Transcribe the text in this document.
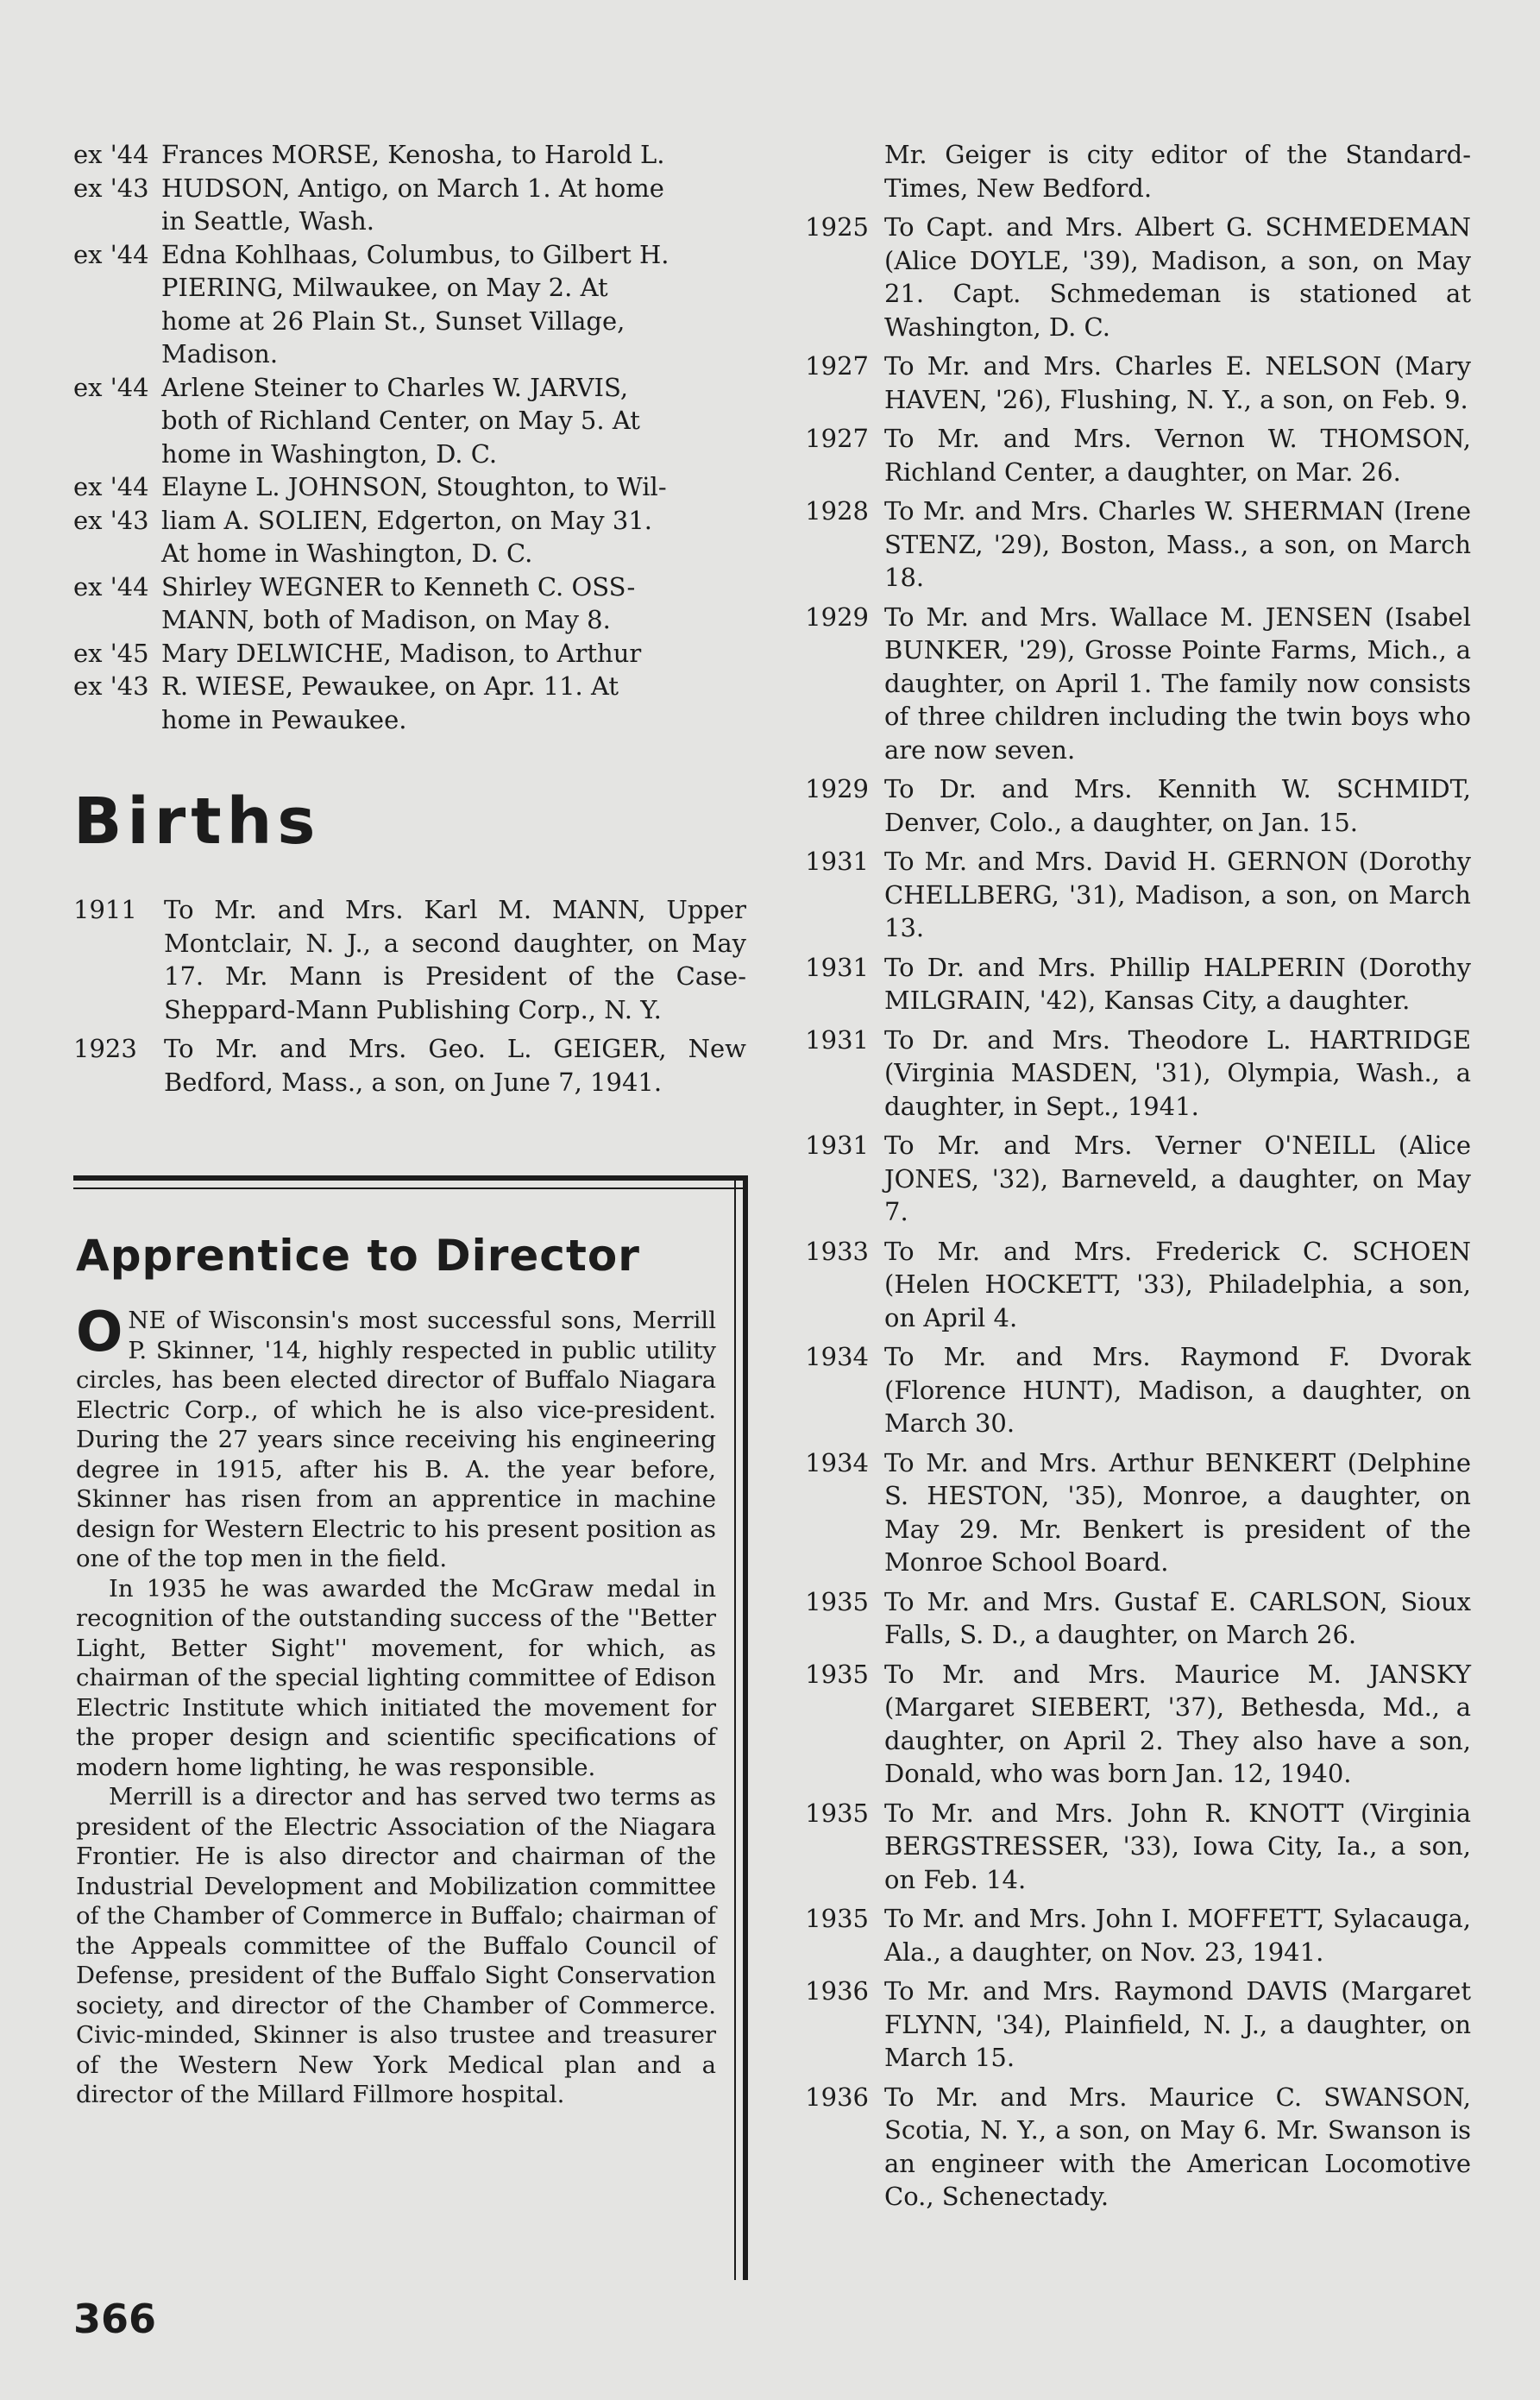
ex '44 Frances MORSE, Kenosha, to Harold L.
ex '43 HUDSON, Antigo, on March 1. At home
in Seattle, Wash.
ex '44 Edna Kohlhaas, Columbus, to Gilbert H.
PIERING, Milwaukee, on May 2. At
home at 26 Plain St., Sunset Village,
Madison.
ex '44 Arlene Steiner to Charles W. JARVIS,
both of Richland Center, on May 5. At
home in Washington, D. C.
ex '44 Elayne L. JOHNSON, Stoughton, to Wil-
ex '43 liam A. SOLIEN, Edgerton, on May 31.
At home in Washington, D. C.
ex '44 Shirley WEGNER to Kenneth C. OSS-
MANN, both of Madison, on May 8.
ex '45 Mary DELWICHE, Madison, to Arthur
ex '43 R. WIESE, Pewaukee, on Apr. 11. At
home in Pewaukee.
Births
1911	To Mr. and Mrs. Karl M. MANN, Upper Montclair, N. J., a second daughter, on May 17. Mr. Mann is President of the Case-Sheppard-Mann Publishing Corp., N. Y.
1923	To Mr. and Mrs. Geo. L. GEIGER, New Bedford, Mass., a son, on June 7, 1941.
Apprentice to Director

ONE of Wisconsin's most successful sons, Merrill P. Skinner, '14, highly respected in public utility circles, has been elected director of Buffalo Niagara Electric Corp., of which he is also vice-president. During the 27 years since receiving his engineering degree in 1915, after his B. A. the year before, Skinner has risen from an apprentice in machine design for Western Electric to his present position as one of the top men in the field.

In 1935 he was awarded the McGraw medal in recognition of the outstanding success of the ''Better Light, Better Sight'' movement, for which, as chairman of the special lighting committee of Edison Electric Institute which initiated the movement for the proper design and scientific specifications of modern home lighting, he was responsible.

Merrill is a director and has served two terms as president of the Electric Association of the Niagara Frontier. He is also director and chairman of the Industrial Development and Mobilization committee of the Chamber of Commerce in Buffalo; chairman of the Appeals committee of the Buffalo Council of Defense, president of the Buffalo Sight Conservation society, and director of the Chamber of Commerce. Civic-minded, Skinner is also trustee and treasurer of the Western New York Medical plan and a director of the Millard Fillmore hospital.

Mr. Geiger is city editor of the Standard-Times, New Bedford.
1925 To Capt. and Mrs. Albert G. SCHMEDEMAN (Alice DOYLE, '39), Madison, a son, on May 21. Capt. Schmedeman is stationed at Washington, D. C.
1927 To Mr. and Mrs. Charles E. NELSON (Mary HAVEN, '26), Flushing, N. Y., a son, on Feb. 9.
1927 To Mr. and Mrs. Vernon W. THOMSON, Richland Center, a daughter, on Mar. 26.
1928 To Mr. and Mrs. Charles W. SHERMAN (Irene STENZ, '29), Boston, Mass., a son, on March 18.
1929 To Mr. and Mrs. Wallace M. JENSEN (Isabel BUNKER, '29), Grosse Pointe Farms, Mich., a daughter, on April 1. The family now consists of three children including the twin boys who are now seven.
1929 To Dr. and Mrs. Kennith W. SCHMIDT, Denver, Colo., a daughter, on Jan. 15.
1931 To Mr. and Mrs. David H. GERNON (Dorothy CHELLBERG, '31), Madison, a son, on March 13.
1931 To Dr. and Mrs. Phillip HALPERIN (Dorothy MILGRAIN, '42), Kansas City, a daughter.
1931 To Dr. and Mrs. Theodore L. HARTRIDGE (Virginia MASDEN, '31), Olympia, Wash., a daughter, in Sept., 1941.
1931 To Mr. and Mrs. Verner O'NEILL (Alice JONES, '32), Barneveld, a daughter, on May 7.
1933 To Mr. and Mrs. Frederick C. SCHOEN (Helen HOCKETT, '33), Philadelphia, a son, on April 4.
1934 To Mr. and Mrs. Raymond F. Dvorak (Florence HUNT), Madison, a daughter, on March 30.
1934 To Mr. and Mrs. Arthur BENKERT (Delphine S. HESTON, '35), Monroe, a daughter, on May 29. Mr. Benkert is president of the Monroe School Board.
1935 To Mr. and Mrs. Gustaf E. CARLSON, Sioux Falls, S. D., a daughter, on March 26.
1935 To Mr. and Mrs. Maurice M. JANSKY (Margaret SIEBERT, '37), Bethesda, Md., a daughter, on April 2. They also have a son, Donald, who was born Jan. 12, 1940.
1935 To Mr. and Mrs. John R. KNOTT (Virginia BERGSTRESSER, '33), Iowa City, Ia., a son, on Feb. 14.
1935 To Mr. and Mrs. John I. MOFFETT, Sylacauga, Ala., a daughter, on Nov. 23, 1941.
1936 To Mr. and Mrs. Raymond DAVIS (Margaret FLYNN, '34), Plainfield, N. J., a daughter, on March 15.
1936 To Mr. and Mrs. Maurice C. SWANSON, Scotia, N. Y., a son, on May 6. Mr. Swanson is an engineer with the American Locomotive Co., Schenectady.
366
